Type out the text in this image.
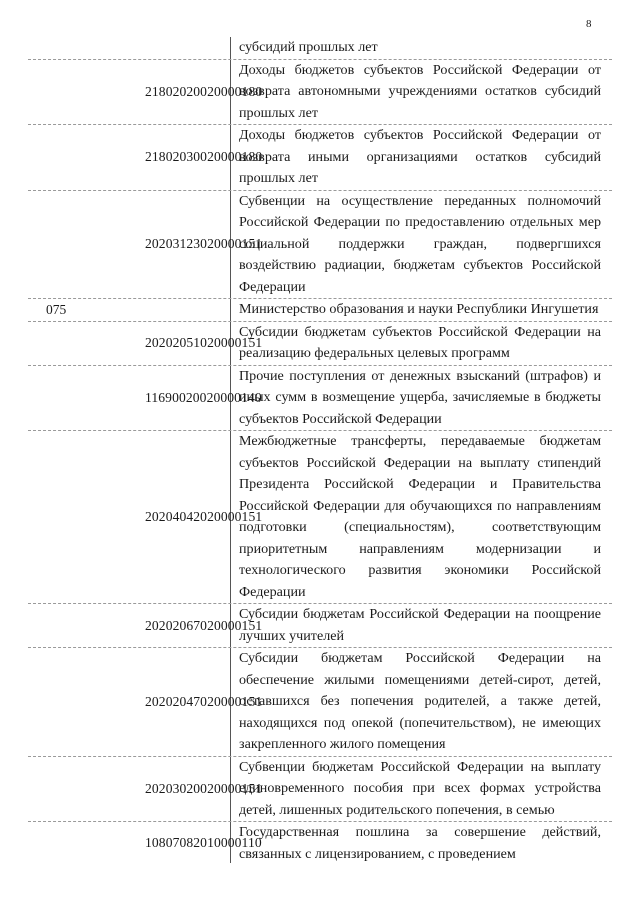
8
субсидий прошлых лет
21802020020000180
Доходы бюджетов субъектов Российской Федерации от возврата автономными учреждениями остатков субсидий прошлых лет
21802030020000180
Доходы бюджетов субъектов Российской Федерации от возврата иными организациями остатков субсидий прошлых лет
20203123020000151
Субвенции на осуществление переданных полномочий Российской Федерации по предоставлению отдельных мер социальной поддержки граждан, подвергшихся воздействию радиации, бюджетам субъектов Российской Федерации
075	Министерство образования и науки Республики Ингушетия
20202051020000151
Субсидии бюджетам субъектов Российской Федерации на реализацию федеральных целевых программ
11690020020000140
Прочие поступления от денежных взысканий (штрафов) и иных сумм в возмещение ущерба, зачисляемые в бюджеты субъектов Российской Федерации
20204042020000151
Межбюджетные трансферты, передаваемые бюджетам субъектов Российской Федерации на выплату стипендий Президента Российской Федерации и Правительства Российской Федерации для обучающихся по направлениям подготовки (специальностям), соответствующим приоритетным направлениям модернизации и технологического развития экономики Российской Федерации
20202067020000151
Субсидии бюджетам Российской Федерации на поощрение лучших учителей
20202047020000151
Субсидии бюджетам Российской Федерации на обеспечение жилыми помещениями детей-сирот, детей, оставшихся без попечения родителей, а также детей, находящихся под опекой (попечительством), не имеющих закрепленного жилого помещения
20203020020000151
Субвенции бюджетам Российской Федерации на выплату единовременного пособия при всех формах устройства детей, лишенных родительского попечения, в семью
10807082010000110
Государственная пошлина за совершение действий, связанных с лицензированием, с проведением
